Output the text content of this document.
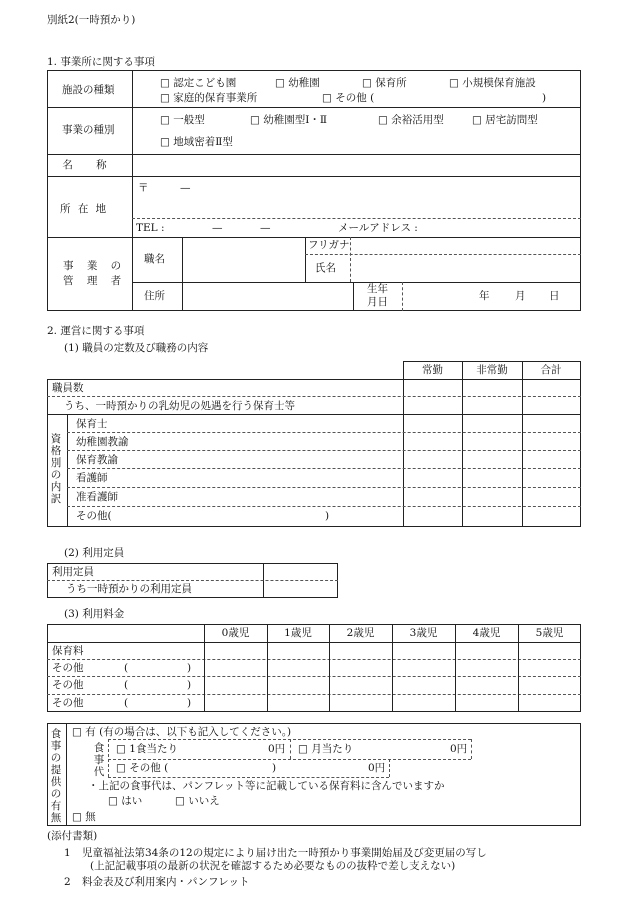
別紙2(一時預かり)
1. 事業所に関する事項
施設の種類
□ 認定こども園	□ 幼稚園	□ 保育所	□ 小規模保育施設
□ 家庭的保育事業所	□ その他 (	)
事業の種別
□ 一般型	□ 幼稚園型Ⅰ・Ⅱ	□ 余裕活用型	□ 居宅訪問型
□ 地域密着Ⅱ型
名 称
所 在 地
〒	—
TEL :	—	—	メールアドレス :
事 業 の
管 理 者
職名
フリガナ
氏名
住所
生年
月日	年 月 日
2. 運営に関する事項
(1) 職員の定数及び職務の内容
常勤	非常勤	合計
職員数
うち、一時預かりの乳幼児の処遇を行う保育士等
資格別の内訳
保育士
幼稚園教諭
保育教諭
看護師
准看護師
その他(	)
(2) 利用定員
利用定員
うち一時預かりの利用定員
(3) 利用料金
0歳児	1歳児	2歳児	3歳児	4歳児	5歳児
保育料
その他	(	)
その他	(	)
その他	(	)
食事の提供の有無
□ 有 (有の場合は、以下も記入してください。)
食事代
□ 1食当たり	0円 □ 月当たり	0円
□ その他 (	)	0円
・上記の食事代は、パンフレット等に記載している保育料に含んでいますか
□ はい	□ いいえ
□ 無
(添付書類)
1 児童福祉法第34条の12の規定により届け出た一時預かり事業開始届及び変更届の写し
(上記記載事項の最新の状況を確認するため必要なものの抜粋で差し支えない)
2 料金表及び利用案内・パンフレット
